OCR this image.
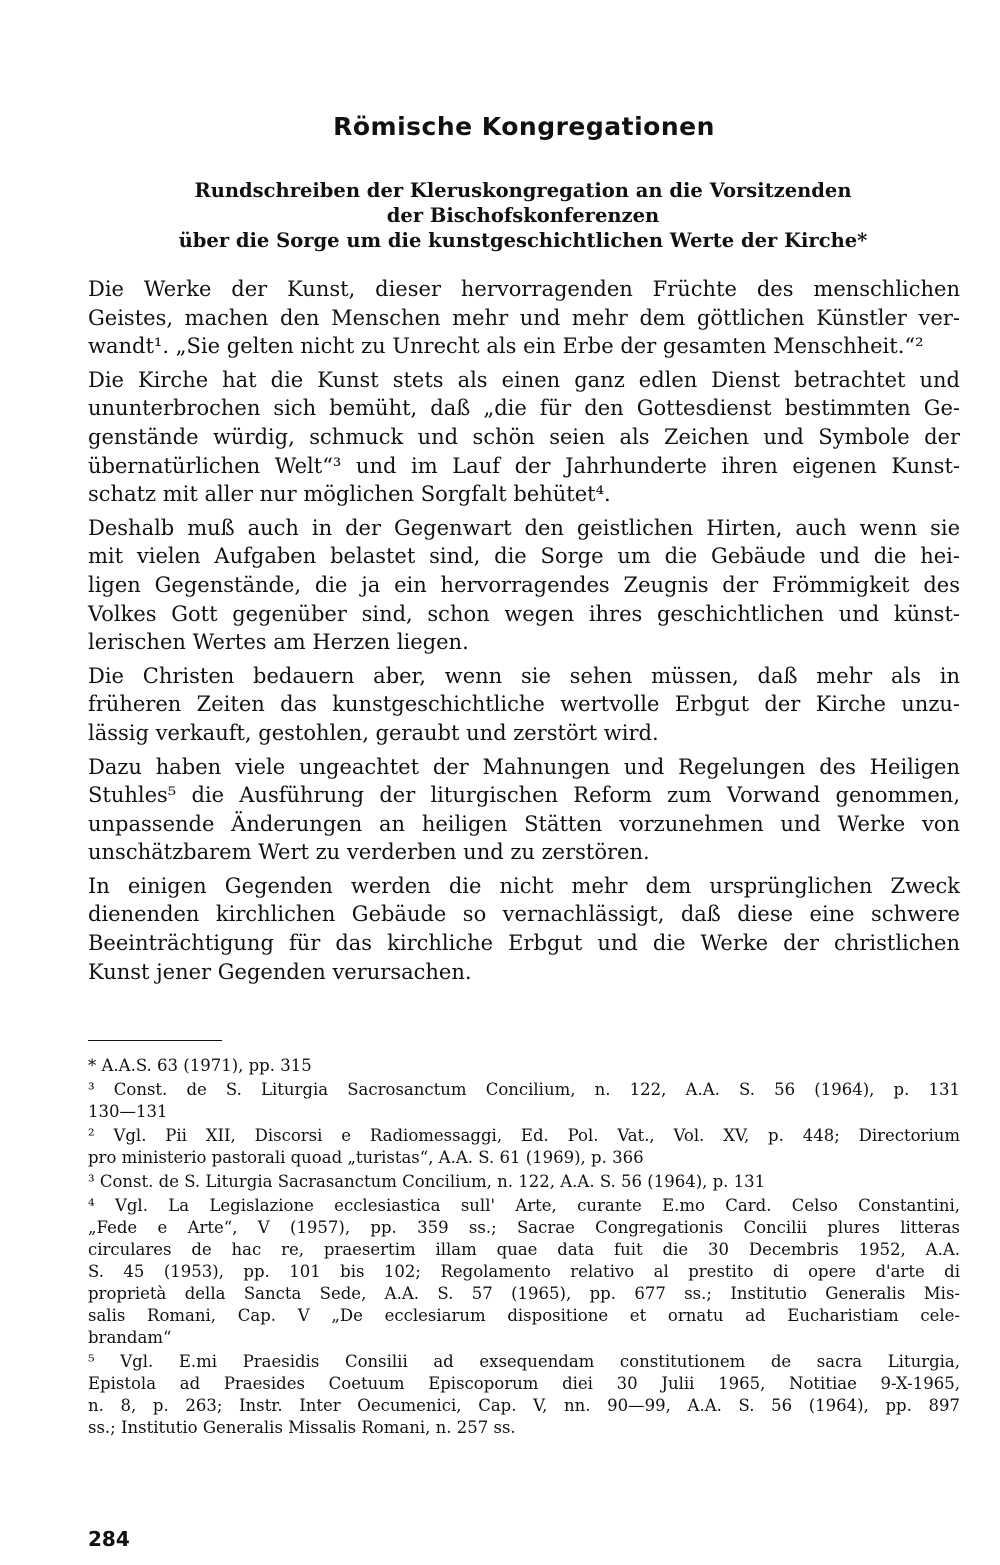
Römische Kongregationen
Rundschreiben der Kleruskongregation an die Vorsitzenden
der Bischofskonferenzen
über die Sorge um die kunstgeschichtlichen Werte der Kirche*
Die Werke der Kunst, dieser hervorragenden Früchte des menschlichen
Geistes, machen den Menschen mehr und mehr dem göttlichen Künstler ver-
wandt¹. „Sie gelten nicht zu Unrecht als ein Erbe der gesamten Menschheit.“²
Die Kirche hat die Kunst stets als einen ganz edlen Dienst betrachtet und
ununterbrochen sich bemüht, daß „die für den Gottesdienst bestimmten Ge-
genstände würdig, schmuck und schön seien als Zeichen und Symbole der
übernatürlichen Welt“³ und im Lauf der Jahrhunderte ihren eigenen Kunst-
schatz mit aller nur möglichen Sorgfalt behütet⁴.
Deshalb muß auch in der Gegenwart den geistlichen Hirten, auch wenn sie
mit vielen Aufgaben belastet sind, die Sorge um die Gebäude und die hei-
ligen Gegenstände, die ja ein hervorragendes Zeugnis der Frömmigkeit des
Volkes Gott gegenüber sind, schon wegen ihres geschichtlichen und künst-
lerischen Wertes am Herzen liegen.
Die Christen bedauern aber, wenn sie sehen müssen, daß mehr als in
früheren Zeiten das kunstgeschichtliche wertvolle Erbgut der Kirche unzu-
lässig verkauft, gestohlen, geraubt und zerstört wird.
Dazu haben viele ungeachtet der Mahnungen und Regelungen des Heiligen
Stuhles⁵ die Ausführung der liturgischen Reform zum Vorwand genommen,
unpassende Änderungen an heiligen Stätten vorzunehmen und Werke von
unschätzbarem Wert zu verderben und zu zerstören.
In einigen Gegenden werden die nicht mehr dem ursprünglichen Zweck
dienenden kirchlichen Gebäude so vernachlässigt, daß diese eine schwere
Beeinträchtigung für das kirchliche Erbgut und die Werke der christlichen
Kunst jener Gegenden verursachen.
* A.A.S. 63 (1971), pp. 315
³ Const. de S. Liturgia Sacrosanctum Concilium, n. 122, A.A. S. 56 (1964), p. 131
130—131
² Vgl. Pii XII, Discorsi e Radiomessaggi, Ed. Pol. Vat., Vol. XV, p. 448; Directorium
pro ministerio pastorali quoad „turistas“, A.A. S. 61 (1969), p. 366
³ Const. de S. Liturgia Sacrasanctum Concilium, n. 122, A.A. S. 56 (1964), p. 131
⁴ Vgl. La Legislazione ecclesiastica sull' Arte, curante E.mo Card. Celso Constantini,
„Fede e Arte“, V (1957), pp. 359 ss.; Sacrae Congregationis Concilii plures litteras
circulares de hac re, praesertim illam quae data fuit die 30 Decembris 1952, A.A.
S. 45 (1953), pp. 101 bis 102; Regolamento relativo al prestito di opere d'arte di
proprietà della Sancta Sede, A.A. S. 57 (1965), pp. 677 ss.; Institutio Generalis Mis-
salis Romani, Cap. V „De ecclesiarum dispositione et ornatu ad Eucharistiam cele-
brandam“
⁵ Vgl. E.mi Praesidis Consilii ad exsequendam constitutionem de sacra Liturgia,
Epistola ad Praesides Coetuum Episcoporum diei 30 Julii 1965, Notitiae 9-X-1965,
n. 8, p. 263; Instr. Inter Oecumenici, Cap. V, nn. 90—99, A.A. S. 56 (1964), pp. 897
ss.; Institutio Generalis Missalis Romani, n. 257 ss.
284
